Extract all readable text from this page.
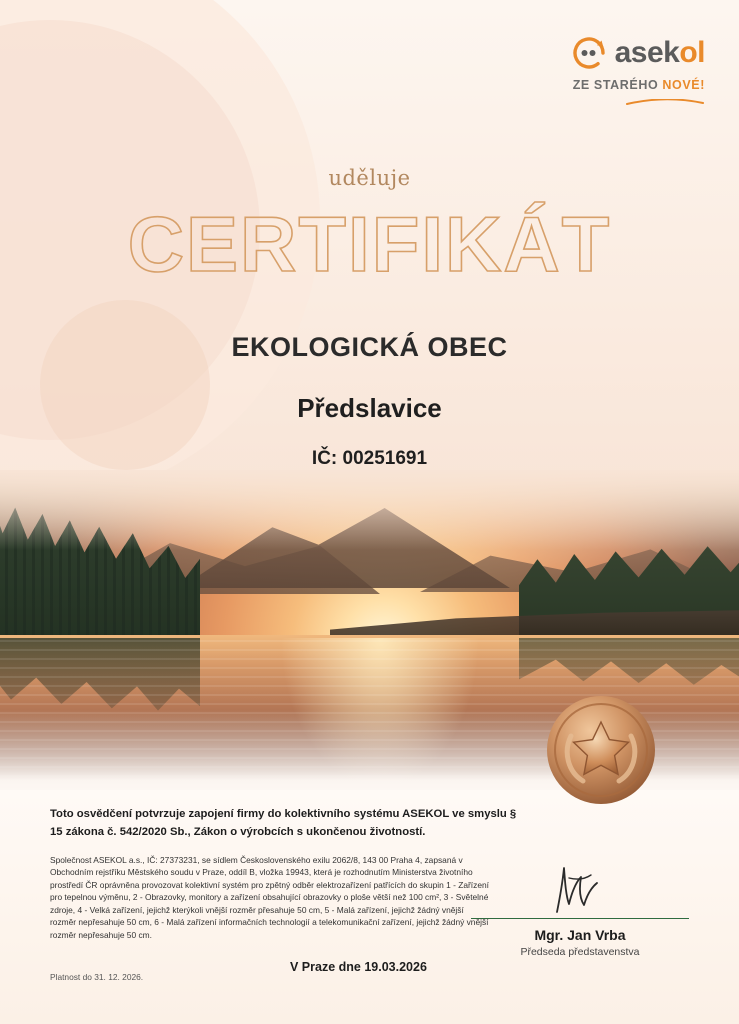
asekol
ZE STARÉHO NOVÉ!
uděluje
CERTIFIKÁT
EKOLOGICKÁ OBEC
Předslavice
IČ: 00251691
Toto osvědčení potvrzuje zapojení firmy do kolektivního systému ASEKOL ve smyslu § 15 zákona č. 542/2020 Sb., Zákon o výrobcích s ukončenou životností.
Společnost ASEKOL a.s., IČ: 27373231, se sídlem Československého exilu 2062/8, 143 00 Praha 4, zapsaná v Obchodním rejstříku Městského soudu v Praze, oddíl B, vložka 19943, která je rozhodnutím Ministerstva životního prostředí ČR oprávněna provozovat kolektivní systém pro zpětný odběr elektrozařízení patřících do skupin 1 - Zařízení pro tepelnou výměnu, 2 - Obrazovky, monitory a zařízení obsahující obrazovky o ploše větší než 100 cm², 3 - Světelné zdroje, 4 - Velká zařízení, jejichž kterýkoli vnější rozměr přesahuje 50 cm, 5 - Malá zařízení, jejichž žádný vnější rozměr nepřesahuje 50 cm, 6 - Malá zařízení informačních technologií a telekomunikační zařízení, jejichž žádný vnější rozměr nepřesahuje 50 cm.
Platnost do 31. 12. 2026.
V Praze dne 19.03.2026
Mgr. Jan Vrba
Předseda představenstva
